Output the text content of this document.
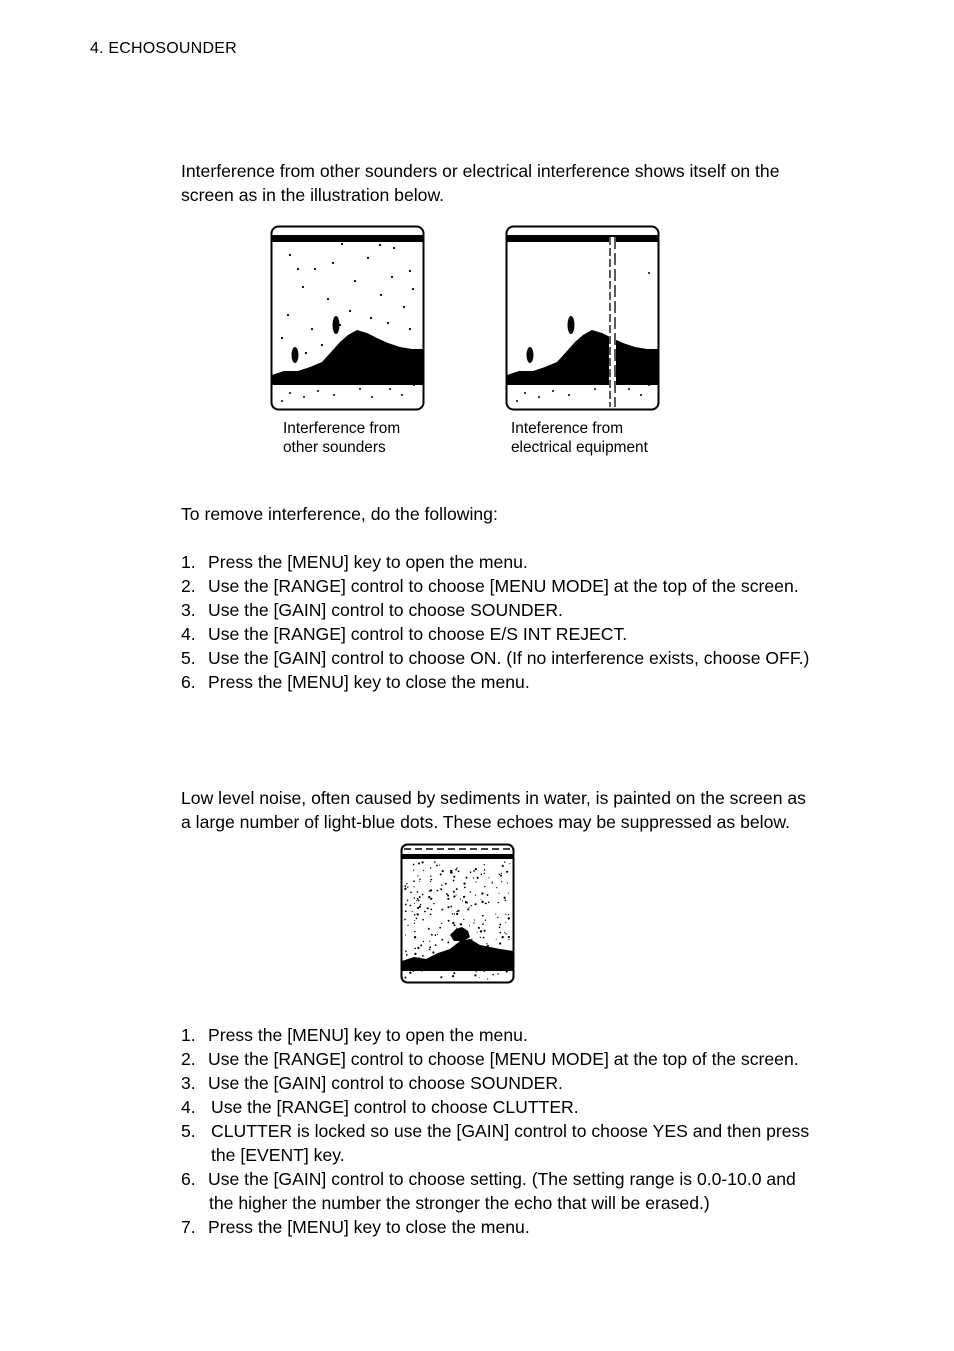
4. ECHOSOUNDER
Interference from other sounders or electrical interference shows itself on the
screen as in the illustration below.
Interference from
other sounders
Inteference from
electrical equipment
To remove interference, do the following:
1. Press the [MENU] key to open the menu.
2. Use the [RANGE] control to choose [MENU MODE] at the top of the screen.
3. Use the [GAIN] control to choose SOUNDER.
4. Use the [RANGE] control to choose E/S INT REJECT.
5. Use the [GAIN] control to choose ON. (If no interference exists, choose OFF.)
6. Press the [MENU] key to close the menu.
Low level noise, often caused by sediments in water, is painted on the screen as
a large number of light-blue dots. These echoes may be suppressed as below.
1. Press the [MENU] key to open the menu.
2. Use the [RANGE] control to choose [MENU MODE] at the top of the screen.
3. Use the [GAIN] control to choose SOUNDER.
4. Use the [RANGE] control to choose CLUTTER.
5. CLUTTER is locked so use the [GAIN] control to choose YES and then press
the [EVENT] key.
6. Use the [GAIN] control to choose setting. (The setting range is 0.0-10.0 and
the higher the number the stronger the echo that will be erased.)
7. Press the [MENU] key to close the menu.
